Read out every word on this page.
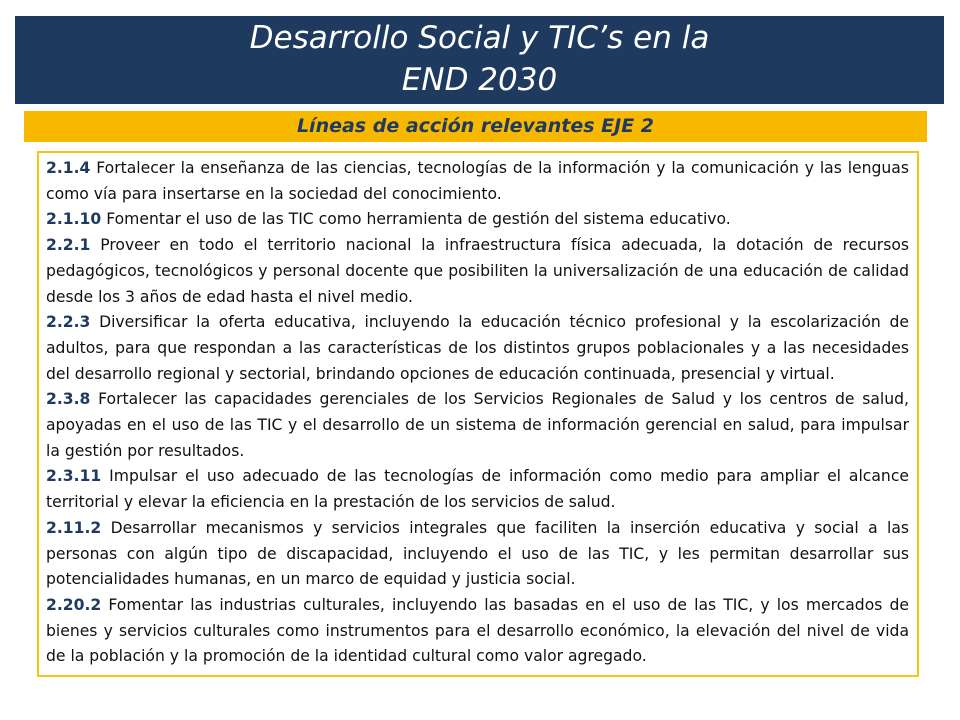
Desarrollo Social y TIC’s en la
END 2030
Líneas de acción relevantes EJE 2
2.1.4 Fortalecer la enseñanza de las ciencias, tecnologías de la información y la comunicación y las lenguas como vía para insertarse en la sociedad del conocimiento.
2.1.10 Fomentar el uso de las TIC como herramienta de gestión del sistema educativo.
2.2.1 Proveer en todo el territorio nacional la infraestructura física adecuada, la dotación de recursos pedagógicos, tecnológicos y personal docente que posibiliten la universalización de una educación de calidad desde los 3 años de edad hasta el nivel medio.
2.2.3 Diversificar la oferta educativa, incluyendo la educación técnico profesional y la escolarización de adultos, para que respondan a las características de los distintos grupos poblacionales y a las necesidades del desarrollo regional y sectorial, brindando opciones de educación continuada, presencial y virtual.
2.3.8 Fortalecer las capacidades gerenciales de los Servicios Regionales de Salud y los centros de salud, apoyadas en el uso de las TIC y el desarrollo de un sistema de información gerencial en salud, para impulsar la gestión por resultados.
2.3.11 Impulsar el uso adecuado de las tecnologías de información como medio para ampliar el alcance territorial y elevar la eficiencia en la prestación de los servicios de salud.
2.11.2 Desarrollar mecanismos y servicios integrales que faciliten la inserción educativa y social a las personas con algún tipo de discapacidad, incluyendo el uso de las TIC, y les permitan desarrollar sus potencialidades humanas, en un marco de equidad y justicia social.
2.20.2 Fomentar las industrias culturales, incluyendo las basadas en el uso de las TIC, y los mercados de bienes y servicios culturales como instrumentos para el desarrollo económico, la elevación del nivel de vida de la población y la promoción de la identidad cultural como valor agregado.
